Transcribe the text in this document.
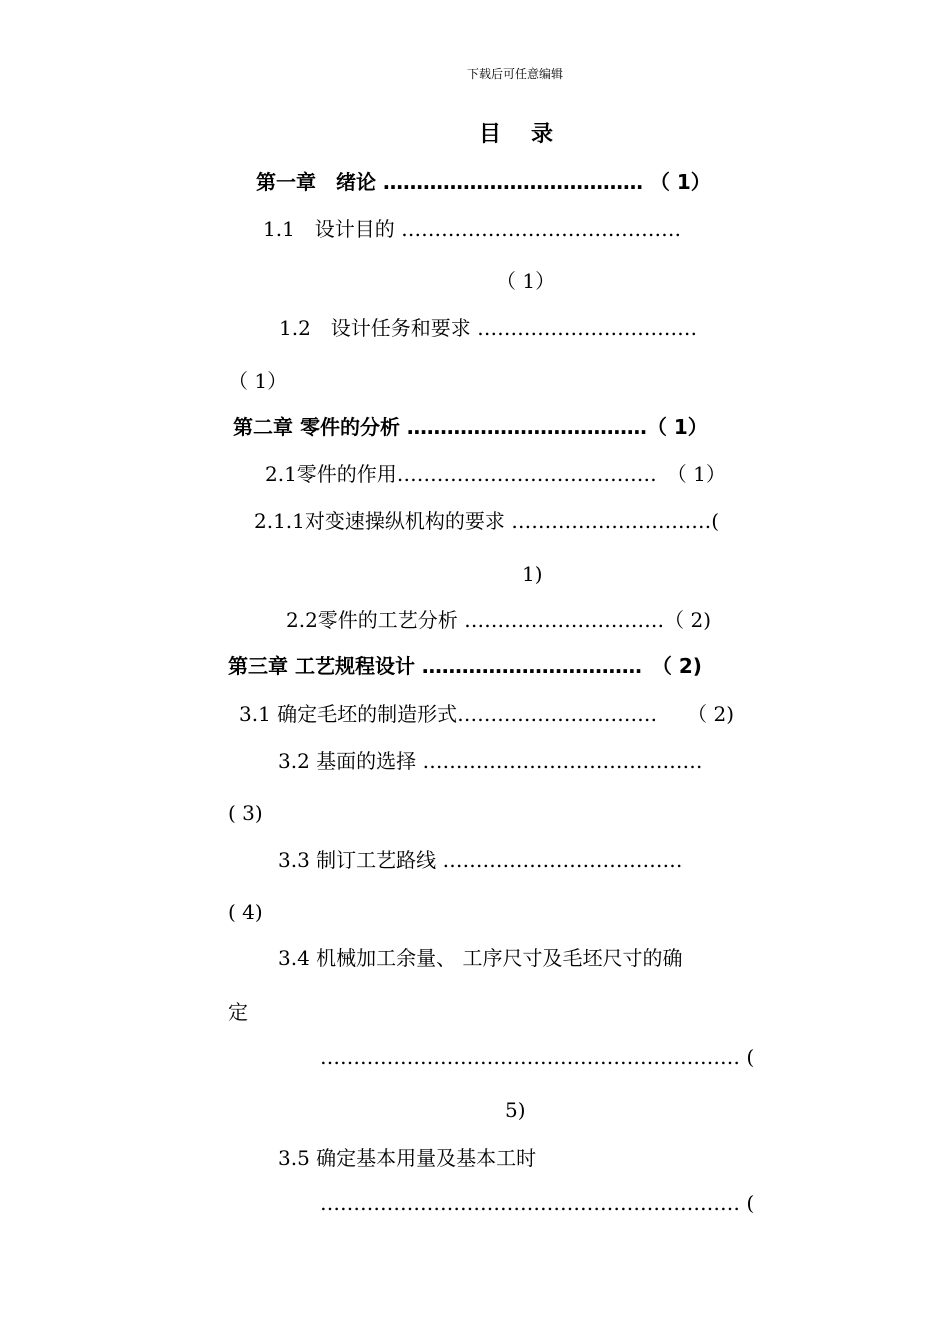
下载后可任意编辑
目录
第一章　绪论 ………………………………… （ 1）
1.1　设计目的 ……………………………………
（ 1）
1.2　设计任务和要求 ……………………………
（ 1）
第二章 零件的分析 ………………………………（ 1）
2.1零件的作用…………………………………　（ 1）
2.1.1对变速操纵机构的要求 …………………………(
1)
2.2零件的工艺分析 …………………………（ 2)
第三章 工艺规程设计 ……………………………　（ 2)
3.1 确定毛坯的制造形式…………………………　　（ 2)
3.2 基面的选择 ……………………………………
( 3)
3.3 制订工艺路线 ………………………………
( 4)
3.4 机械加工余量、 工序尺寸及毛坯尺寸的确
定
……………………………………………………… (
5)
3.5 确定基本用量及基本工时
……………………………………………………… (
